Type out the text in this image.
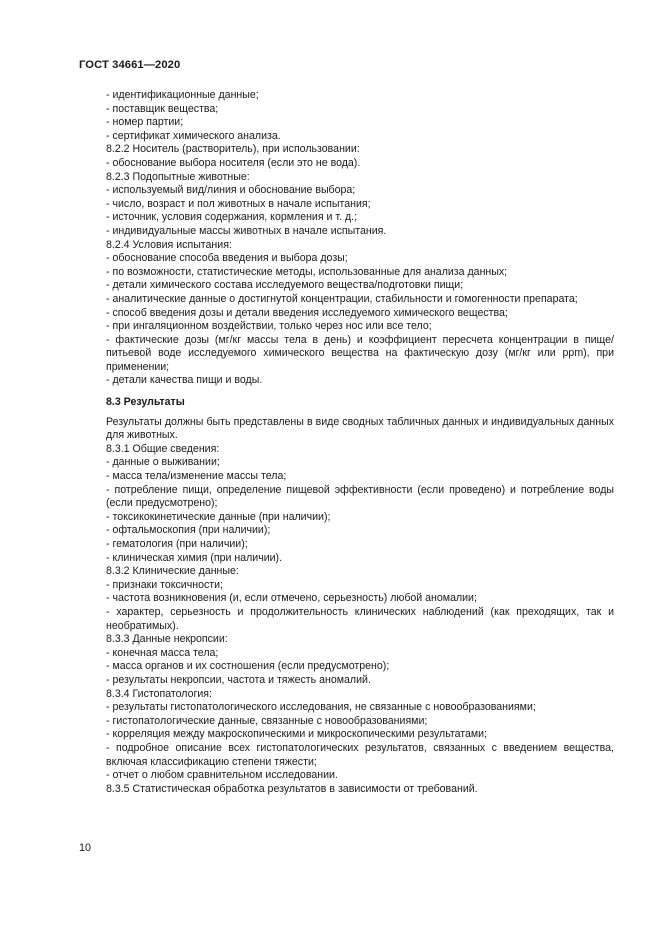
ГОСТ 34661—2020

- идентификационные данные;

- поставщик вещества;

- номер партии;

- сертификат химического анализа.

8.2.2 Носитель (растворитель), при использовании:

- обоснование выбора носителя (если это не вода).

8.2.3 Подопытные животные:

- используемый вид/линия и обоснование выбора;

- число, возраст и пол животных в начале испытания;

- источник, условия содержания, кормления и т. д.;

- индивидуальные массы животных в начале испытания.

8.2.4 Условия испытания:

- обоснование способа введения и выбора дозы;

- по возможности, статистические методы, использованные для анализа данных;

- детали химического состава исследуемого вещества/подготовки пищи;

- аналитические данные о достигнутой концентрации, стабильности и гомогенности препарата;

- способ введения дозы и детали введения исследуемого химического вещества;

- при ингаляционном воздействии, только через нос или все тело;

- фактические дозы (мг/кг массы тела в день) и коэффициент пересчета концентрации в пище/питьевой воде исследуемого химического вещества на фактическую дозу (мг/кг или ppm), при применении;

- детали качества пищи и воды.

8.3 Результаты

Результаты должны быть представлены в виде сводных табличных данных и индивидуальных данных для животных.

8.3.1 Общие сведения:

- данные о выживании;

- масса тела/изменение массы тела;

- потребление пищи, определение пищевой эффективности (если проведено) и потребление воды (если предусмотрено);

- токсикокинетические данные (при наличии);

- офтальмоскопия (при наличии);

- гематология (при наличии);

- клиническая химия (при наличии).

8.3.2 Клинические данные:

- признаки токсичности;

- частота возникновения (и, если отмечено, серьезность) любой аномалии;

- характер, серьезность и продолжительность клинических наблюдений (как преходящих, так и необратимых).

8.3.3 Данные некропсии:

- конечная масса тела;

- масса органов и их состношения (если предусмотрено);

- результаты некропсии, частота и тяжесть аномалий.

8.3.4 Гистопатология:

- результаты гистопатологического исследования, не связанные с новообразованиями;

- гистопатологические данные, связанные с новообразованиями;

- корреляция между макроскопическими и микроскопическими результатами;

- подробное описание всех гистопатологических результатов, связанных с введением вещества, включая классификацию степени тяжести;

- отчет о любом сравнительном исследовании.

8.3.5 Статистическая обработка результатов в зависимости от требований.

10
